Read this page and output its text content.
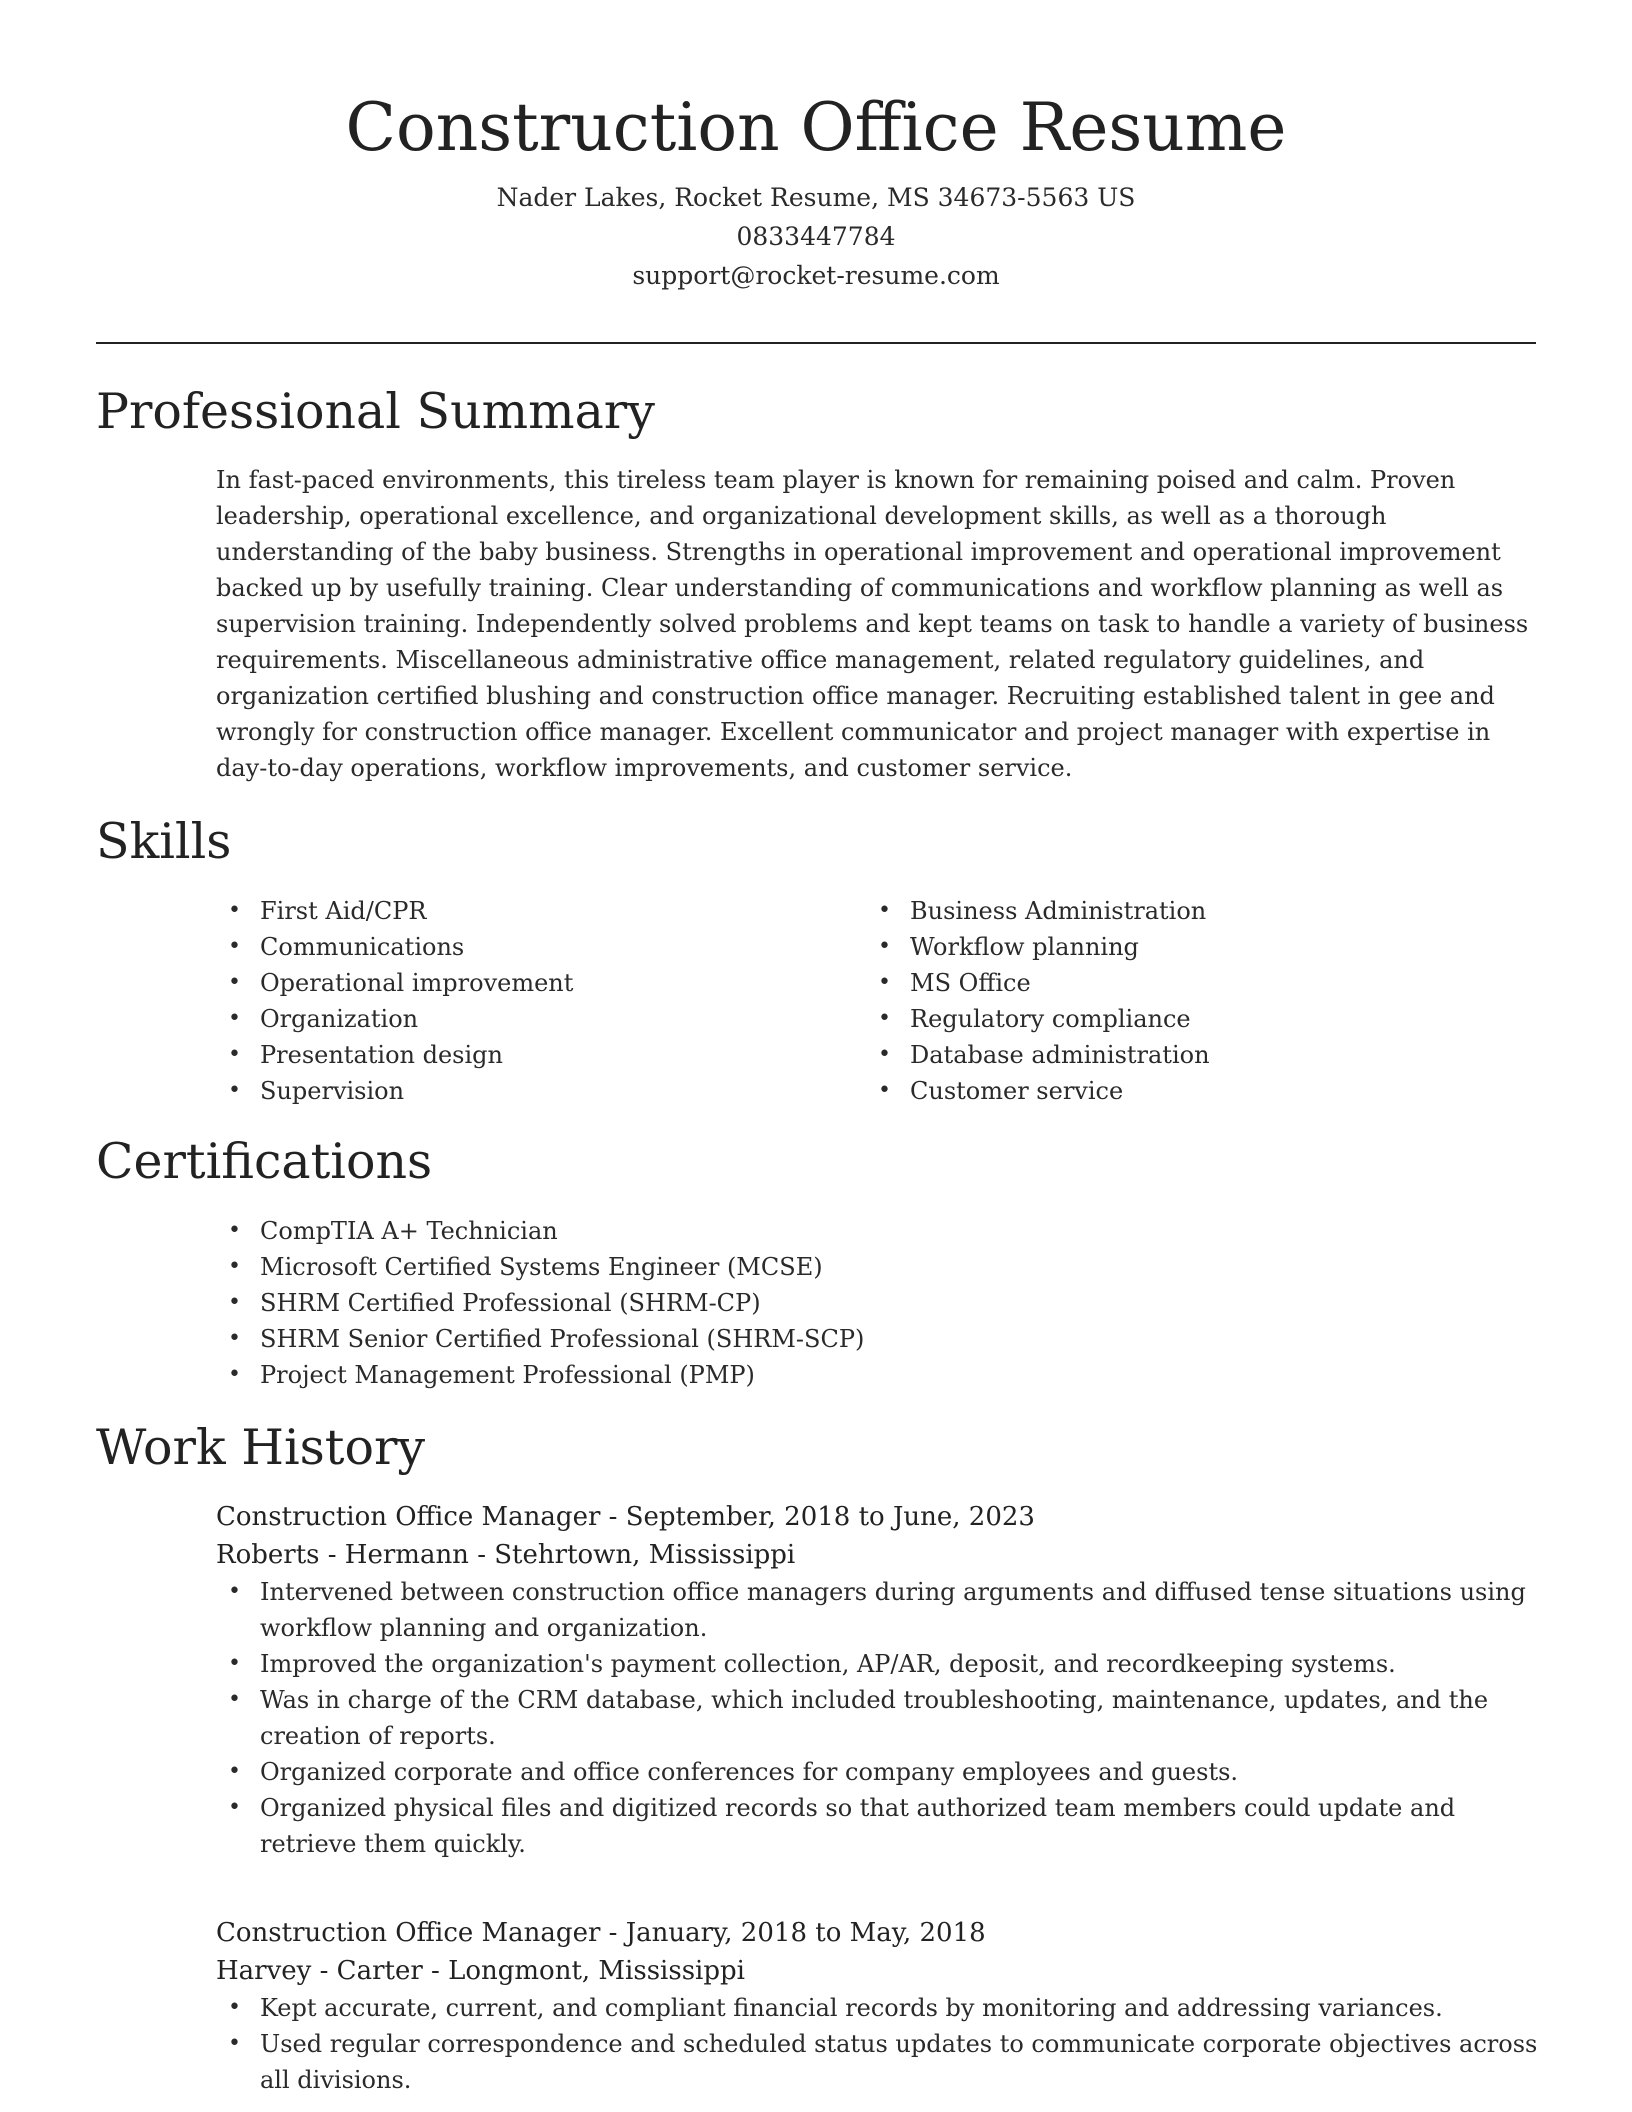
Construction Office Resume

Nader Lakes, Rocket Resume, MS 34673-5563 US

0833447784

support@rocket-resume.com

Professional Summary

In fast-paced environments, this tireless team player is known for remaining poised and calm. Proven leadership, operational excellence, and organizational development skills, as well as a thorough understanding of the baby business. Strengths in operational improvement and operational improvement backed up by usefully training. Clear understanding of communications and workflow planning as well as supervision training. Independently solved problems and kept teams on task to handle a variety of business requirements. Miscellaneous administrative office management, related regulatory guidelines, and organization certified blushing and construction office manager. Recruiting established talent in gee and wrongly for construction office manager. Excellent communicator and project manager with expertise in day-to-day operations, workflow improvements, and customer service.

Skills
• First Aid/CPR
• Communications
• Operational improvement
• Organization
• Presentation design
• Supervision
• Business Administration
• Workflow planning
• MS Office
• Regulatory compliance
• Database administration
• Customer service
Certifications
• CompTIA A+ Technician
• Microsoft Certified Systems Engineer (MCSE)
• SHRM Certified Professional (SHRM-CP)
• SHRM Senior Certified Professional (SHRM-SCP)
• Project Management Professional (PMP)
Work History

Construction Office Manager - September, 2018 to June, 2023

Roberts - Hermann - Stehrtown, Mississippi

• Intervened between construction office managers during arguments and diffused tense situations using workflow planning and organization.
• Improved the organization's payment collection, AP/AR, deposit, and recordkeeping systems.
• Was in charge of the CRM database, which included troubleshooting, maintenance, updates, and the creation of reports.
• Organized corporate and office conferences for company employees and guests.
• Organized physical files and digitized records so that authorized team members could update and retrieve them quickly.

Construction Office Manager - January, 2018 to May, 2018

Harvey - Carter - Longmont, Mississippi

• Kept accurate, current, and compliant financial records by monitoring and addressing variances.
• Used regular correspondence and scheduled status updates to communicate corporate objectives across all divisions.
